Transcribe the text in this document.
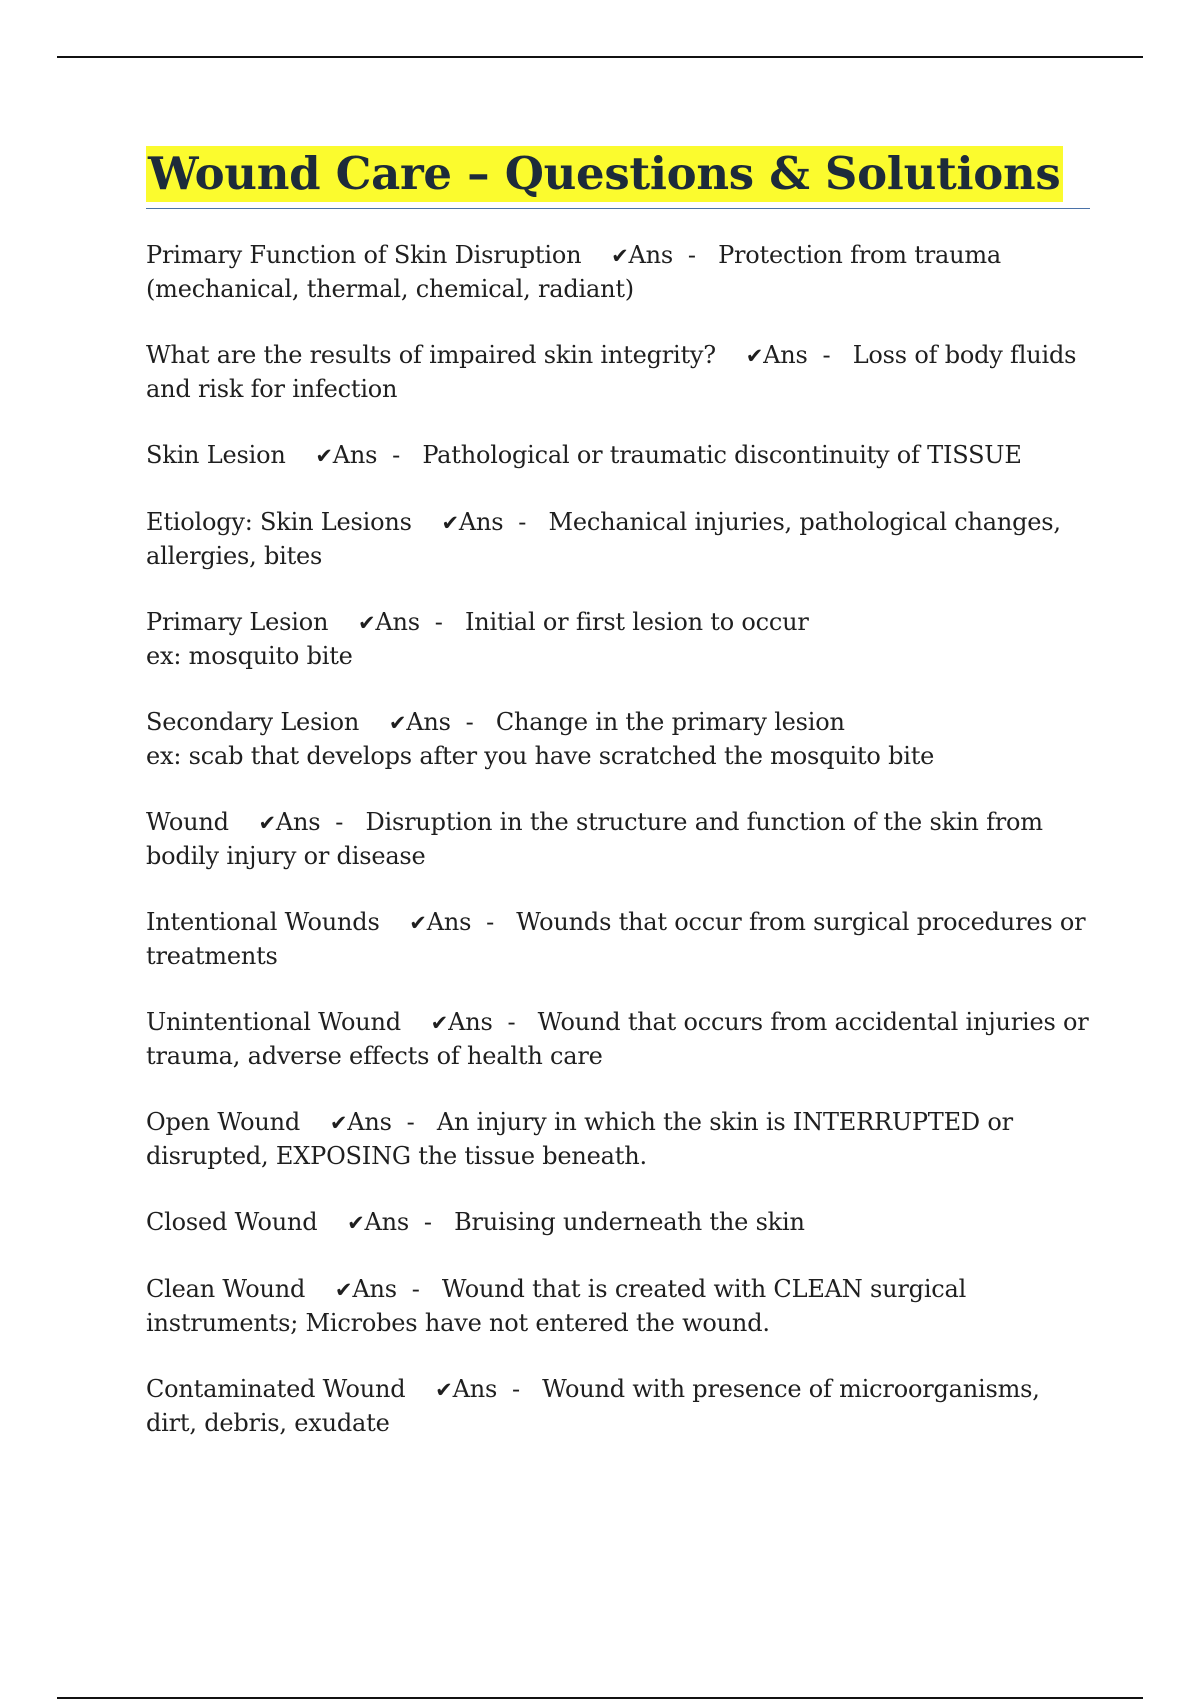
Wound Care – Questions & Solutions

Primary Function of Skin Disruption ✔Ans - Protection from trauma (mechanical, thermal, chemical, radiant)

What are the results of impaired skin integrity? ✔Ans - Loss of body fluids and risk for infection

Skin Lesion ✔Ans - Pathological or traumatic discontinuity of TISSUE

Etiology: Skin Lesions ✔Ans - Mechanical injuries, pathological changes, allergies, bites

Primary Lesion ✔Ans - Initial or first lesion to occur
ex: mosquito bite

Secondary Lesion ✔Ans - Change in the primary lesion
ex: scab that develops after you have scratched the mosquito bite

Wound ✔Ans - Disruption in the structure and function of the skin from bodily injury or disease

Intentional Wounds ✔Ans - Wounds that occur from surgical procedures or treatments

Unintentional Wound ✔Ans - Wound that occurs from accidental injuries or trauma, adverse effects of health care

Open Wound ✔Ans - An injury in which the skin is INTERRUPTED or disrupted, EXPOSING the tissue beneath.

Closed Wound ✔Ans - Bruising underneath the skin

Clean Wound ✔Ans - Wound that is created with CLEAN surgical instruments; Microbes have not entered the wound.

Contaminated Wound ✔Ans - Wound with presence of microorganisms, dirt, debris, exudate
